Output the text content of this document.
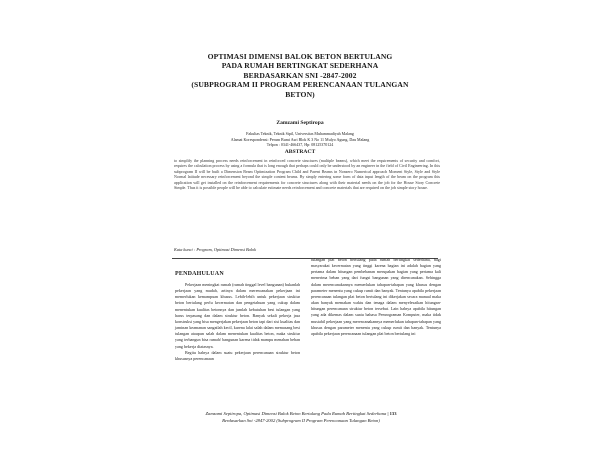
OPTIMASI DIMENSI BALOK BETON BERTULANG
PADA RUMAH BERTINGKAT SEDERHANA
BERDASARKAN SNI -2847-2002
(SUBPROGRAM II PROGRAM PERENCANAAN TULANGAN
BETON)
Zamzami Septiropa
Fakultas Teknik, Teknik Sipil, Universitas Muhammadiyah Malang
Alamat Korespondensi: Perum Bumi Asri Blok K 3 No 11 Mulyo Agung, Dau Malang
Telpon : 0341-466437, Hp: 08125370124
ABSTRACT
to simplify the planning process needs reinforcement in reinforced concrete structures (multiple beams), which meet the requirements of security and comfort, requires the calculation process by using a formula that is long enough that perhaps could only be understood by an engineer in the field of Civil Engineering. In this subprogram II will be built a Dimension Beam Optimization Program Child and Parent Beams in Nonzero Numerical approach Moment Style, Style and Style Normal latitude necessary reinforcement beyond the simple content beams. By simply entering some form of data input length of the beam on the program this application will get installed on the reinforcement requirements for concrete structures along with their material needs on the job for the House Story Concrete Simple. Thus it is possible people will be able to calculate estimate needs reinforcement and concrete materials that are required on the job simple story house.
Kata kunci : Program, Optimasi Dimensi Balok
PENDAHULUAN
Pekerjaan meningkat rumah (rumah tinggal level bangunan) bukanlah pekerjaan yang mudah, artinya dalam merencanakan pekerjaan ini memerlukan kemampuan khusus. Lebih-lebih untuk pekerjaan struktur beton bertulang perlu kecermatan dan pengetahuan yang cukup dalam menentukan kualitas betonnya dan jumlah kebutuhan besi tulangan yang harus terpasang dan dalam struktur beton. Banyak sekali pekerja jasa konstruksi yang bisa mengerjakan pekerjaan beton tapi dari sisi kualitas dan jaminan keamanan sangatlah kecil, karena lalai salah dalam memasang besi tulangan ataupun salah dalam menentukan kualitas beton, maka struktur yang terbangun bisa rumah/ bangunan karena tidak mampu menahan beban yang bekerja diatasnya.
Begitu halnya dalam suatu pekerjaan perencanaan struktur beton khususnya perencanaan
tulangan plat beton bertulang pada rumah bertingkat sederhana, bagi masyarakat kecermatan yang tinggi karena bagian ini adalah bagian yang pertama dalam hitungan pembebanan merupakan bagian yang pertama kali menerima beban yang dari fungsi bangunan yang direncanakan. Sehingga dalam merencanakannya memerlukan tahapan-tahapan yang khusus dengan parameter menentu yang cukup rumit dan banyak. Tentunya apabila pekerjaan perencanaan tulangan plat beton bertulang ini dikerjakan secara manual maka akan banyak memakan waktu dan tenaga dalam menyelesaikan hitungan-hitungan perencanaan struktur beton tersebut. Lain halnya apabila hitungan yang ada dikemas dalam suatu bahasa Pemrograman Komputer, maka tidak mustahil pekerjaan yang merencanakannya memerlukan tahapan-tahapan yang khusus dengan parameter menentu yang cukup rumit dan banyak. Tentunya apabila pekerjaan perencanaan tulangan plat beton bertulang ini
Zamzami Septiropa, Optimasi Dimensi Balok Beton Bertulang Pada Rumah Bertingkat Sederhana | 133
Berdasarkan Sni -2847-2002 (Subprogram II Program Perencanaan Tulangan Beton)
